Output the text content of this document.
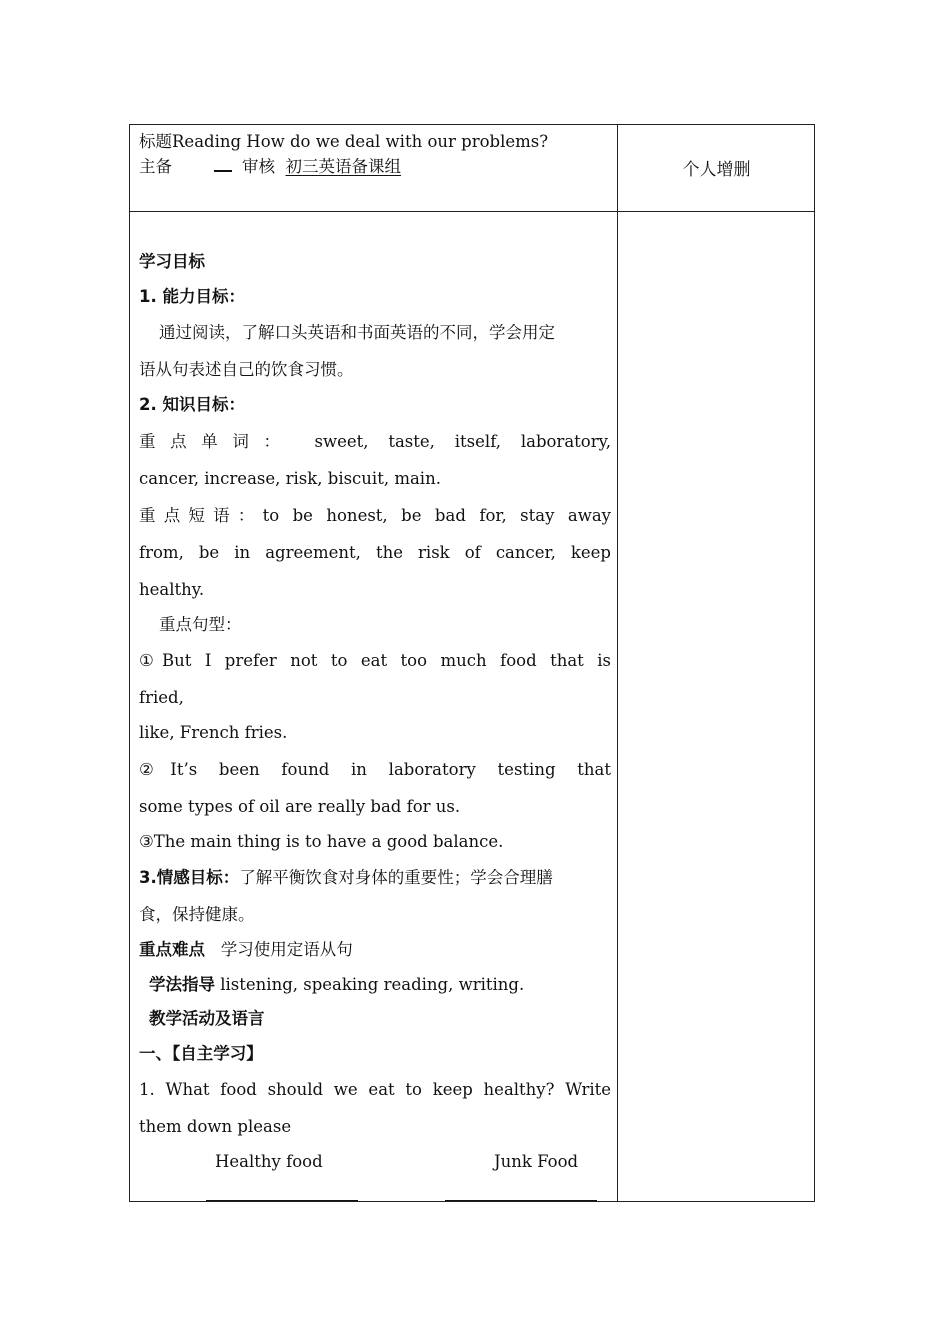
标题Reading How do we deal with our problems?
主备	审核 初三英语备课组	个人增删
学习目标
1. 能力目标：
通过阅读，了解口头英语和书面英语的不同，学会用定
语从句表述自己的饮食习惯。
2. 知识目标：
重点单词： sweet, taste, itself, laboratory,
cancer, increase, risk, biscuit, main.
重点短语：to be honest, be bad for, stay away
from, be in agreement, the risk of cancer, keep
healthy.
重点句型：
①But I prefer not to eat too much food that is
fried,
like, French fries.
②It’s been found in laboratory testing that
some types of oil are really bad for us.
③The main thing is to have a good balance.
3.情感目标：了解平衡饮食对身体的重要性；学会合理膳
食，保持健康。
重点难点 学习使用定语从句
学法指导 listening, speaking reading, writing.
教学活动及语言
一、【自主学习】
1. What food should we eat to keep healthy? Write
them down please
Healthy food	Junk Food
